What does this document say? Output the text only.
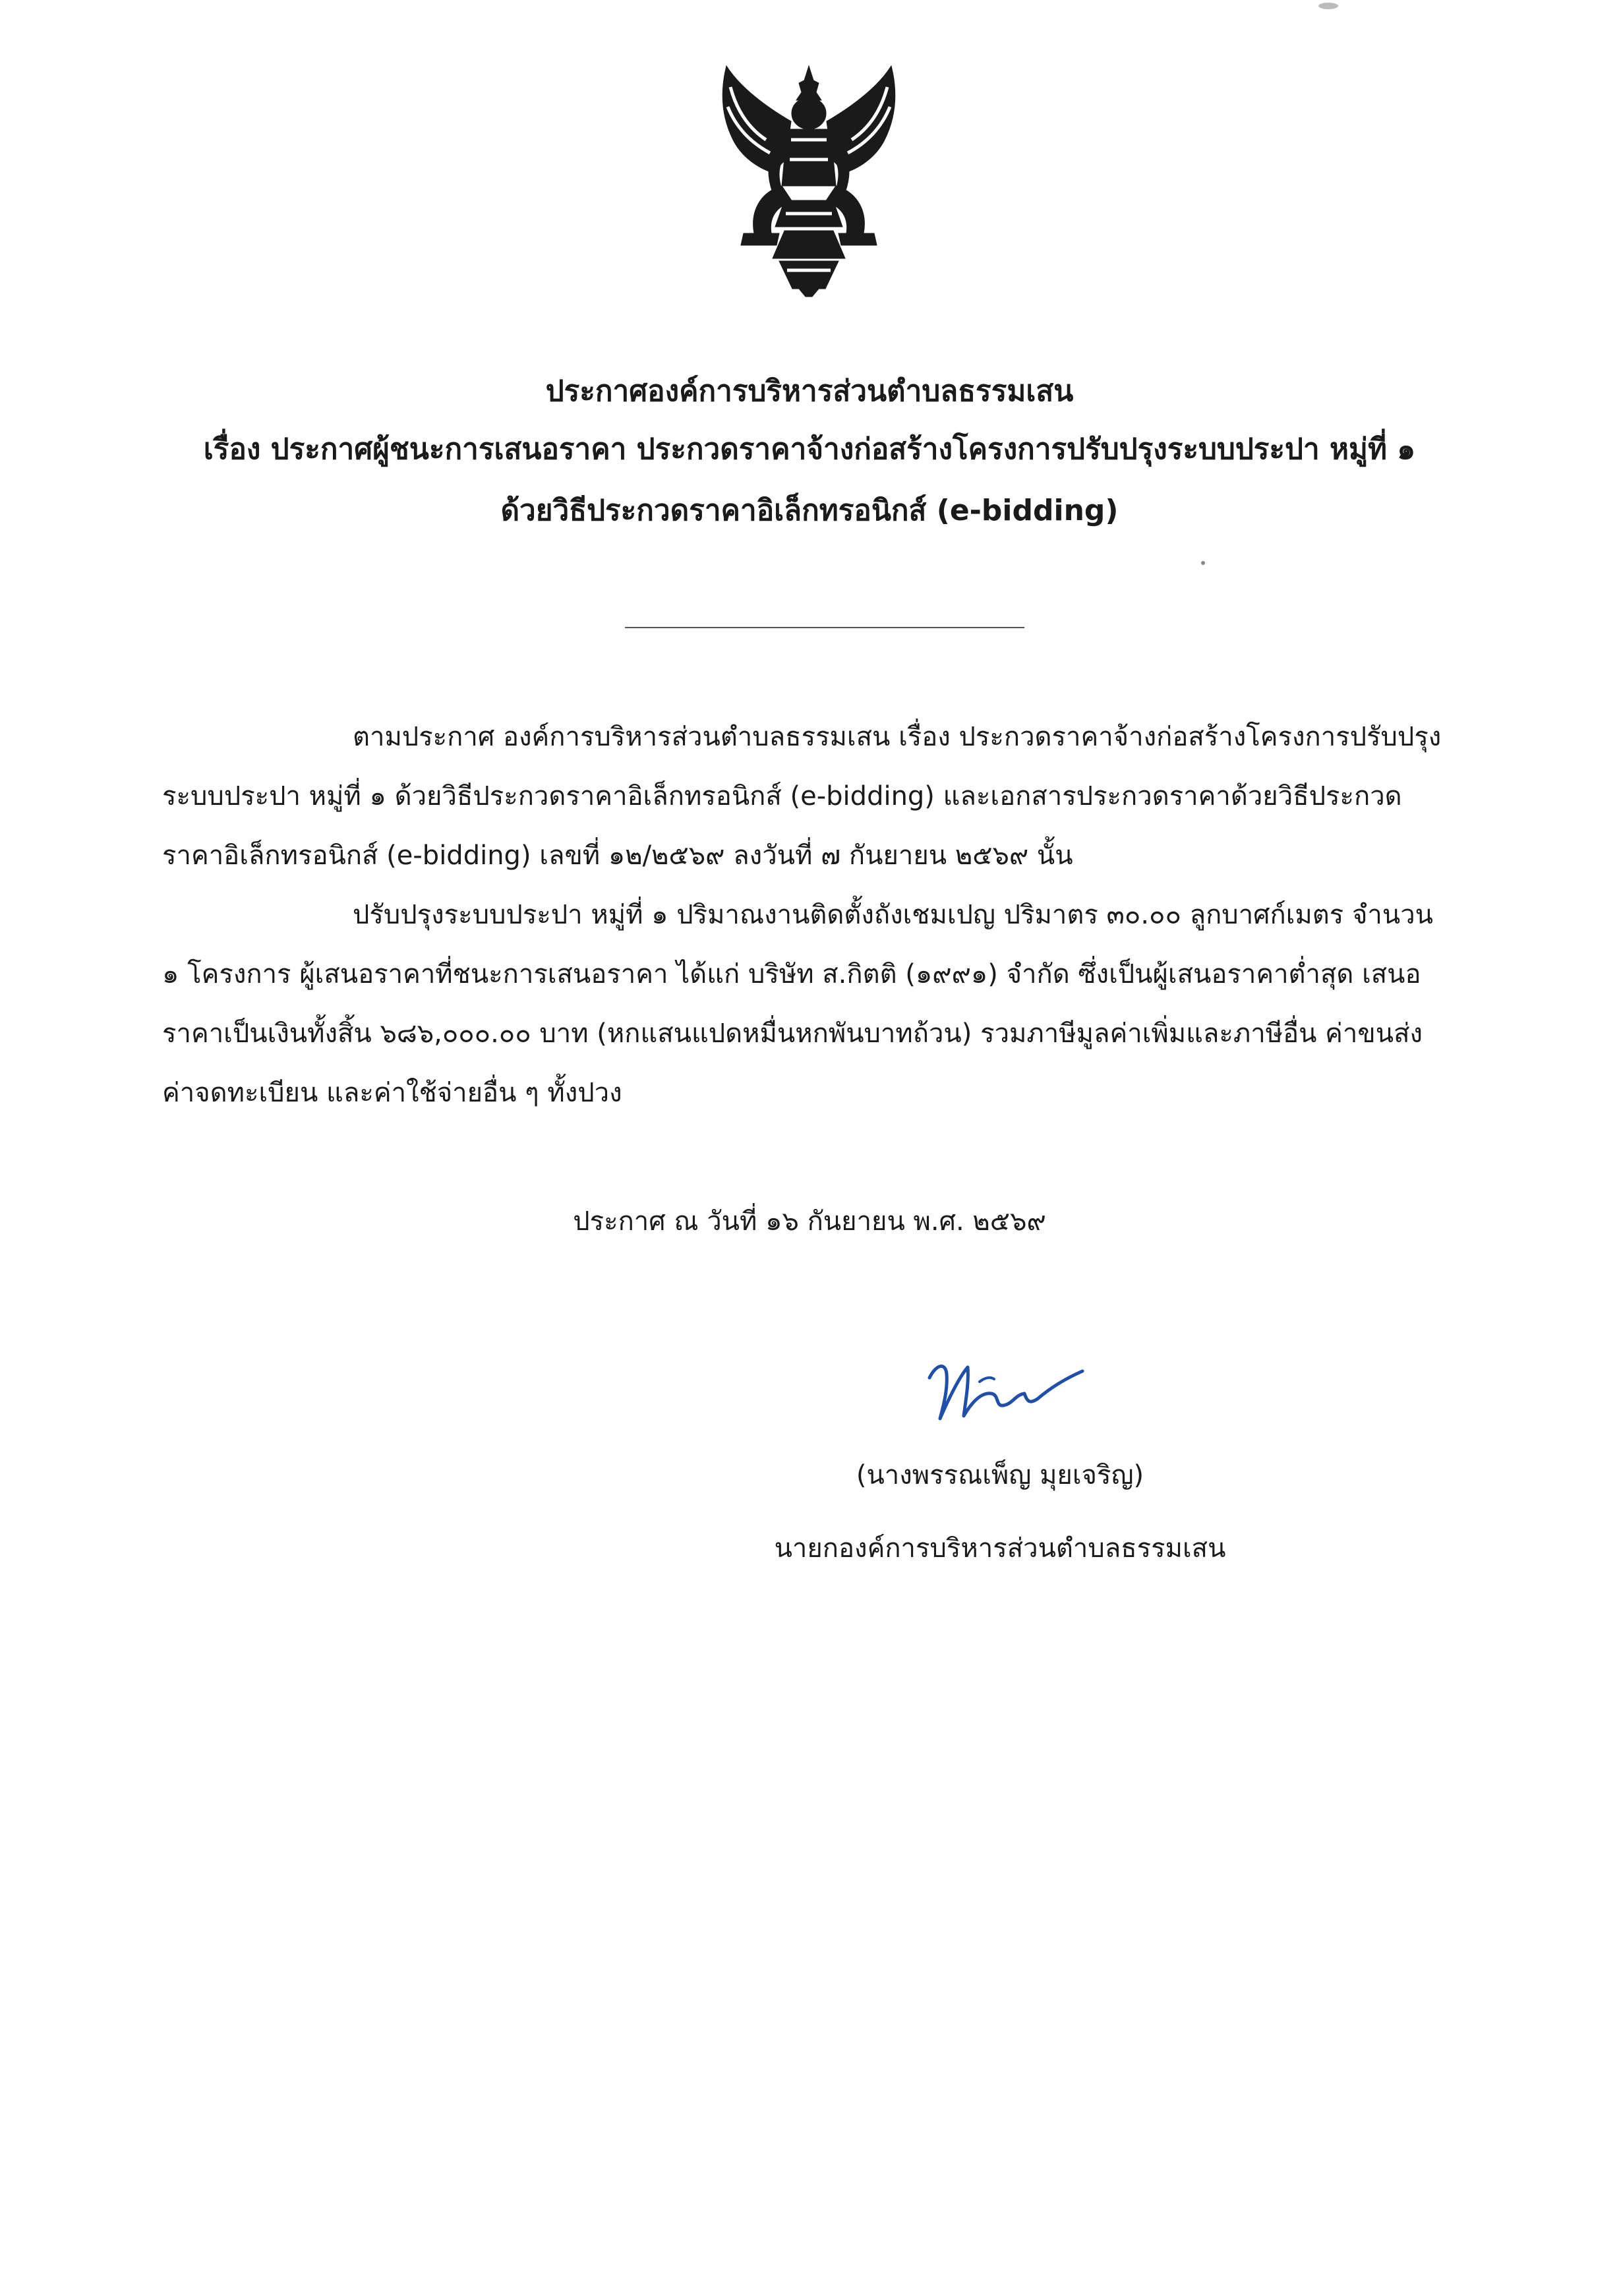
ประกาศองค์การบริหารส่วนตำบลธรรมเสน
เรื่อง ประกาศผู้ชนะการเสนอราคา ประกวดราคาจ้างก่อสร้างโครงการปรับปรุงระบบประปา หมู่ที่ ๑
ด้วยวิธีประกวดราคาอิเล็กทรอนิกส์ (e-bidding)
ตามประกาศ องค์การบริหารส่วนตำบลธรรมเสน เรื่อง ประกวดราคาจ้างก่อสร้างโครงการปรับปรุง
ระบบประปา หมู่ที่ ๑ ด้วยวิธีประกวดราคาอิเล็กทรอนิกส์ (e-bidding) และเอกสารประกวดราคาด้วยวิธีประกวด
ราคาอิเล็กทรอนิกส์ (e-bidding) เลขที่ ๑๒/๒๕๖๙ ลงวันที่ ๗ กันยายน ๒๕๖๙ นั้น
ปรับปรุงระบบประปา หมู่ที่ ๑ ปริมาณงานติดตั้งถังเชมเปญ ปริมาตร ๓๐.๐๐ ลูกบาศก์เมตร จำนวน
๑ โครงการ ผู้เสนอราคาที่ชนะการเสนอราคา ได้แก่ บริษัท ส.กิตติ (๑๙๙๑) จำกัด ซึ่งเป็นผู้เสนอราคาต่ำสุด เสนอ
ราคาเป็นเงินทั้งสิ้น ๖๘๖,๐๐๐.๐๐ บาท (หกแสนแปดหมื่นหกพันบาทถ้วน) รวมภาษีมูลค่าเพิ่มและภาษีอื่น ค่าขนส่ง
ค่าจดทะเบียน และค่าใช้จ่ายอื่น ๆ ทั้งปวง
ประกาศ ณ วันที่ ๑๖ กันยายน พ.ศ. ๒๕๖๙
(นางพรรณเพ็ญ มุยเจริญ)
นายกองค์การบริหารส่วนตำบลธรรมเสน
